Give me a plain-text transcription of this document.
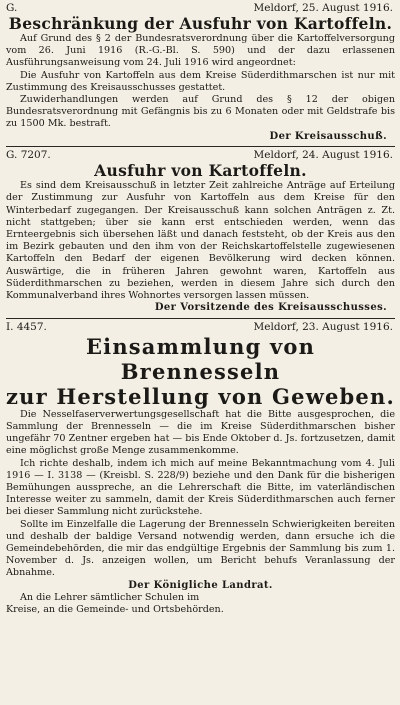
G.	Meldorf, 25. August 1916.
Beschränkung der Ausfuhr von Kartoffeln.

Auf Grund des § 2 der Bundesratsverordnung über die Kartoffelversorgung vom 26. Juni 1916 (R.-G.-Bl. S. 590) und der dazu erlassenen Ausführungsanweisung vom 24. Juli 1916 wird angeordnet:

Die Ausfuhr von Kartoffeln aus dem Kreise Süderdithmarschen ist nur mit Zustimmung des Kreisausschusses gestattet.

Zuwiderhandlungen werden auf Grund des § 12 der obigen Bundesratsverordnung mit Gefängnis bis zu 6 Monaten oder mit Geldstrafe bis zu 1500 Mk. bestraft.

Der Kreisausschuß.
G. 7207.	Meldorf, 24. August 1916.
Ausfuhr von Kartoffeln.

Es sind dem Kreisausschuß in letzter Zeit zahlreiche Anträge auf Erteilung der Zustimmung zur Ausfuhr von Kartoffeln aus dem Kreise für den Winterbedarf zugegangen. Der Kreisausschuß kann solchen Anträgen z. Zt. nicht stattgeben; über sie kann erst entschieden werden, wenn das Ernteergebnis sich übersehen läßt und danach feststeht, ob der Kreis aus den im Bezirk gebauten und den ihm von der Reichskartoffelstelle zugewiesenen Kartoffeln den Bedarf der eigenen Bevölkerung wird decken können. Auswärtige, die in früheren Jahren gewohnt waren, Kartoffeln aus Süderdithmarschen zu beziehen, werden in diesem Jahre sich durch den Kommunalverband ihres Wohnortes versorgen lassen müssen.

Der Vorsitzende des Kreisausschusses.
I. 4457.	Meldorf, 23. August 1916.
Einsammlung von Brennesseln
zur Herstellung von Geweben.

Die Nesselfaserverwertungsgesellschaft hat die Bitte ausgesprochen, die Sammlung der Brennesseln — die im Kreise Süderdithmarschen bisher ungefähr 70 Zentner ergeben hat — bis Ende Oktober d. Js. fortzusetzen, damit eine möglichst große Menge zusammenkomme.

Ich richte deshalb, indem ich mich auf meine Bekanntmachung vom 4. Juli 1916 — I. 3138 — (Kreisbl. S. 228/9) beziehe und den Dank für die bisherigen Bemühungen ausspreche, an die Lehrerschaft die Bitte, im vaterländischen Interesse weiter zu sammeln, damit der Kreis Süderdithmarschen auch ferner bei dieser Sammlung nicht zurückstehe.

Sollte im Einzelfalle die Lagerung der Brennesseln Schwierigkeiten bereiten und deshalb der baldige Versand notwendig werden, dann ersuche ich die Gemeindebehörden, die mir das endgültige Ergebnis der Sammlung bis zum 1. November d. Js. anzeigen wollen, um Bericht behufs Veranlassung der Abnahme.

Der Königliche Landrat.

An die Lehrer sämtlicher Schulen im

Kreise, an die Gemeinde- und Ortsbehörden.
